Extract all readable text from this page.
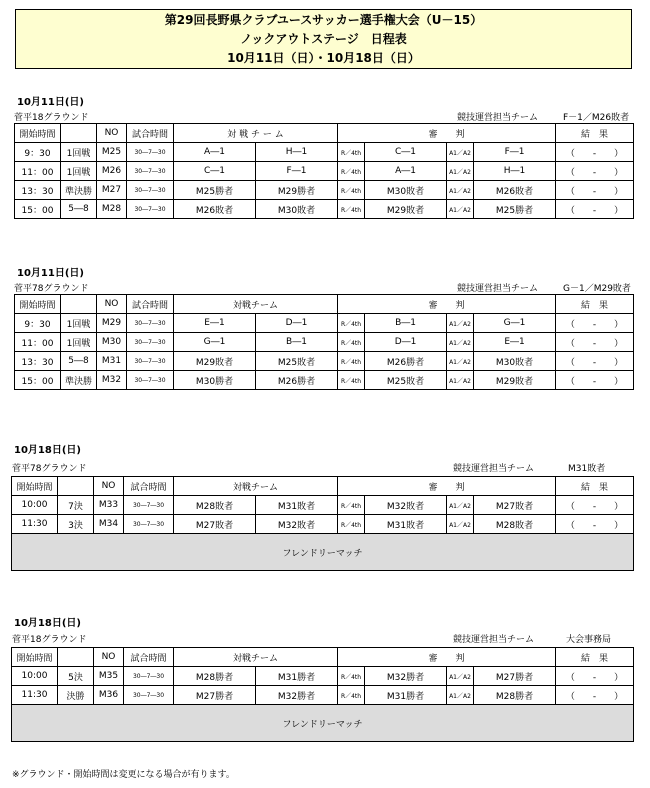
第29回長野県クラブユースサッカー選手権大会（U－15）
ノックアウトステージ　日程表
10月11日（日）・10月18日（日）
10月11日(日)
菅平18グラウンド	競技運営担当チーム	F－1／M26敗者
開始時間		NO	試合時間	対 戦 チ ー ム		審　　判				結　果
9：30	1回戦	M25	30―7―30	A―1	H―1	R／4th	C―1	A1／A2	F―1	（　　‐　　）
11：00	1回戦	M26	30―7―30	C―1	F―1	R／4th	A―1	A1／A2	H―1	（　　‐　　）
13：30	準決勝	M27	30―7―30	M25勝者	M29勝者	R／4th	M30敗者	A1／A2	M26敗者	（　　‐　　）
15：00	5―8	M28	30―7―30	M26敗者	M30敗者	R／4th	M29敗者	A1／A2	M25勝者	（　　‐　　）
10月11日(日)
菅平78グラウンド	競技運営担当チーム	G－1／M29敗者
開始時間		NO	試合時間	対戦チーム		審　　判				結　果
9：30	1回戦	M29	30―7―30	E―1	D―1	R／4th	B―1	A1／A2	G―1	（　　‐　　）
11：00	1回戦	M30	30―7―30	G―1	B―1	R／4th	D―1	A1／A2	E―1	（　　‐　　）
13：30	5―8	M31	30―7―30	M29敗者	M25敗者	R／4th	M26勝者	A1／A2	M30敗者	（　　‐　　）
15：00	準決勝	M32	30―7―30	M30勝者	M26勝者	R／4th	M25敗者	A1／A2	M29敗者	（　　‐　　）
10月18日(日)
菅平78グラウンド	競技運営担当チーム	M31敗者
開始時間		NO	試合時間	対戦チーム		審　　判				結　果
10:00	7決	M33	30―7―30	M28敗者	M31敗者	R／4th	M32敗者	A1／A2	M27敗者	（　　‐　　）
11:30	3決	M34	30―7―30	M27敗者	M32敗者	R／4th	M31敗者	A1／A2	M28敗者	（　　‐　　）
フレンドリーマッチ										
10月18日(日)
菅平18グラウンド	競技運営担当チーム	大会事務局
開始時間		NO	試合時間	対戦チーム		審　　判				結　果
10:00	5決	M35	30―7―30	M28勝者	M31勝者	R／4th	M32勝者	A1／A2	M27勝者	（　　‐　　）
11:30	決勝	M36	30―7―30	M27勝者	M32勝者	R／4th	M31勝者	A1／A2	M28勝者	（　　‐　　）
フレンドリーマッチ										
※グラウンド・開始時間は変更になる場合が有ります。
